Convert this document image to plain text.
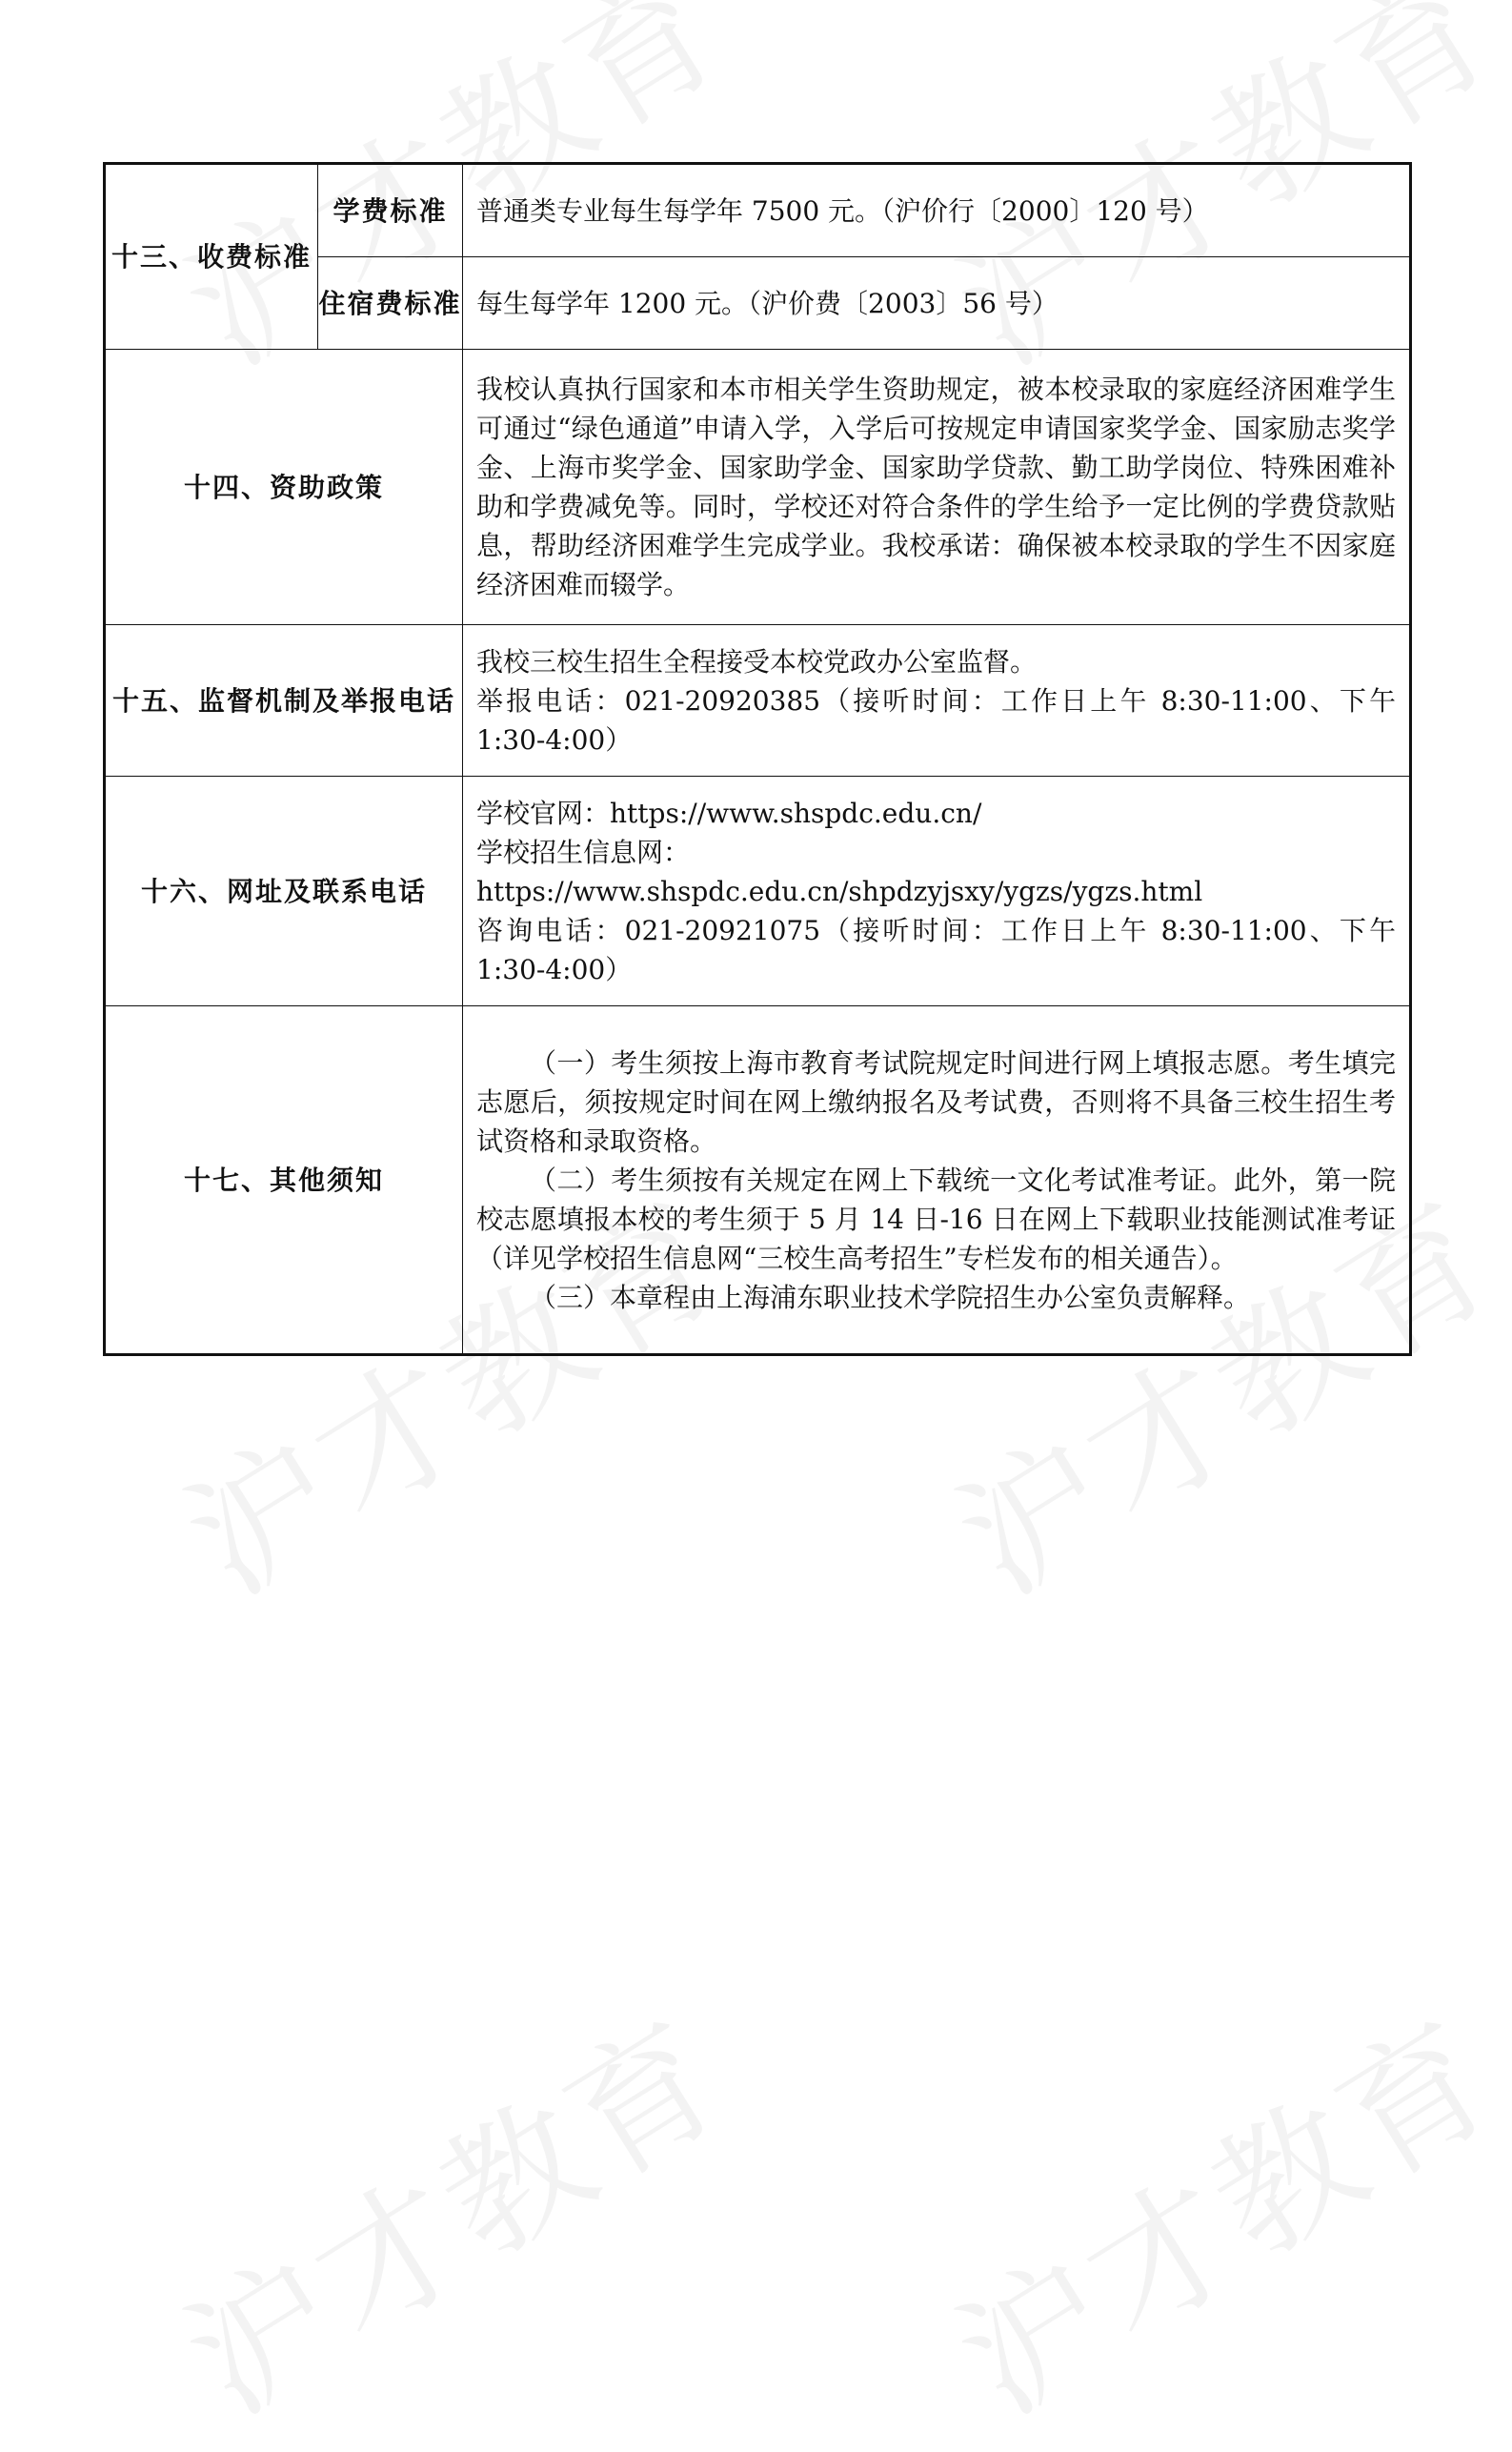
十三、收费标准	学费标准	普通类专业每生每学年 7500 元。（沪价行〔2000〕120 号）
	住宿费标准	每生每学年 1200 元。（沪价费〔2003〕56 号）
十四、资助政策		我校认真执行国家和本市相关学生资助规定，被本校录取的家庭经济困难学生可通过“绿色通道”申请入学，入学后可按规定申请国家奖学金、国家励志奖学金、上海市奖学金、国家助学金、国家助学贷款、勤工助学岗位、特殊困难补助和学费减免等。同时，学校还对符合条件的学生给予一定比例的学费贷款贴息，帮助经济困难学生完成学业。我校承诺：确保被本校录取的学生不因家庭经济困难而辍学。

十五、监督机制及举报电话		我校三校生招生全程接受本校党政办公室监督。

举报电话：021-20920385（接听时间：工作日上午 8:30-11:00、下午 1:30-4:00）

十六、网址及联系电话		学校官网：https://www.shspdc.edu.cn/

学校招生信息网：

https://www.shspdc.edu.cn/shpdzyjsxy/ygzs/ygzs.html

咨询电话：021-20921075（接听时间：工作日上午 8:30-11:00、下午 1:30-4:00）

十七、其他须知		（一）考生须按上海市教育考试院规定时间进行网上填报志愿。考生填完志愿后，须按规定时间在网上缴纳报名及考试费，否则将不具备三校生招生考试资格和录取资格。

（二）考生须按有关规定在网上下载统一文化考试准考证。此外，第一院校志愿填报本校的考生须于 5 月 14 日-16 日在网上下载职业技能测试准考证（详见学校招生信息网“三校生高考招生”专栏发布的相关通告）。

（三）本章程由上海浦东职业技术学院招生办公室负责解释。
